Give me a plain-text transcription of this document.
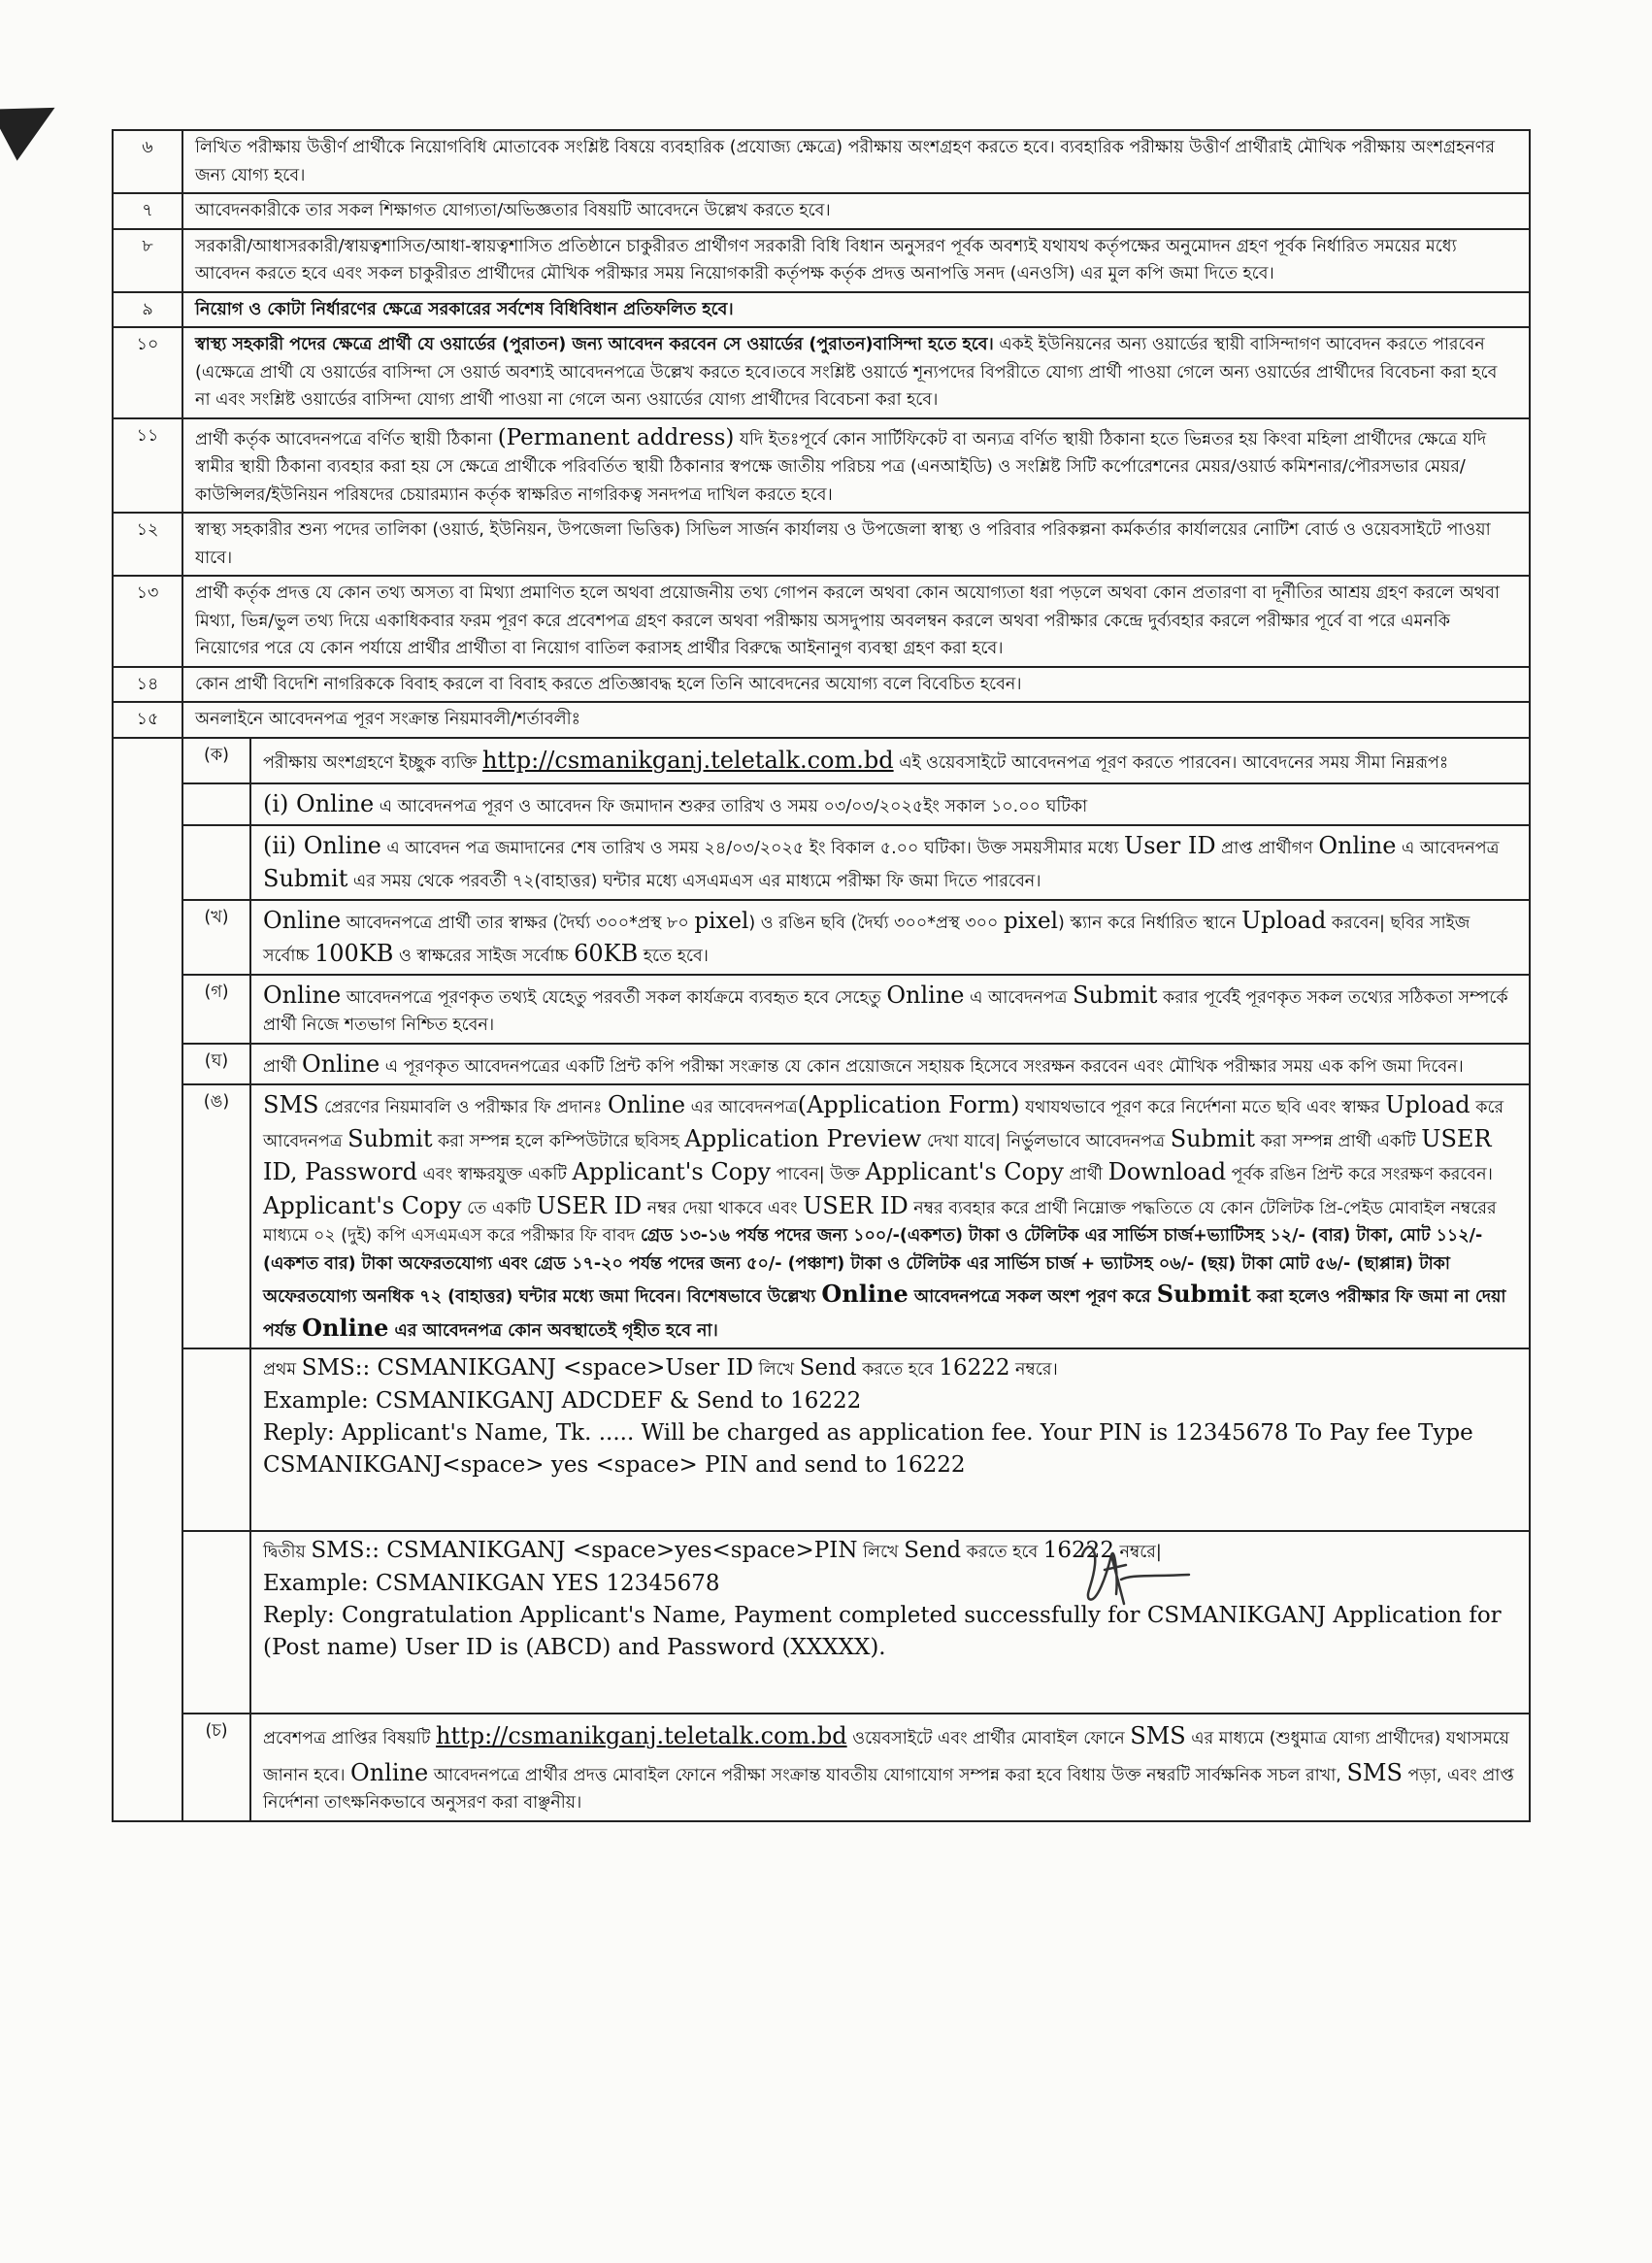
৬	লিখিত পরীক্ষায় উত্তীর্ণ প্রার্থীকে নিয়োগবিধি মোতাবেক সংশ্লিষ্ট বিষয়ে ব্যবহারিক (প্রযোজ্য ক্ষেত্রে) পরীক্ষায় অংশগ্রহণ করতে হবে। ব্যবহারিক পরীক্ষায় উত্তীর্ণ প্রার্থীরাই মৌখিক পরীক্ষায় অংশগ্রহনণর জন্য যোগ্য হবে।	
৭	আবেদনকারীকে তার সকল শিক্ষাগত যোগ্যতা/অভিজ্ঞতার বিষয়টি আবেদনে উল্লেখ করতে হবে।	
৮	সরকারী/আধাসরকারী/স্বায়ত্বশাসিত/আধা-স্বায়ত্বশাসিত প্রতিষ্ঠানে চাকুরীরত প্রার্থীগণ সরকারী বিধি বিধান অনুসরণ পূর্বক অবশ্যই যথাযথ কর্তৃপক্ষের অনুমোদন গ্রহণ পূর্বক নির্ধারিত সময়ের মধ্যে আবেদন করতে হবে এবং সকল চাকুরীরত প্রার্থীদের মৌখিক পরীক্ষার সময় নিয়োগকারী কর্তৃপক্ষ কর্তৃক প্রদত্ত অনাপত্তি সনদ (এনওসি) এর মুল কপি জমা দিতে হবে।	
৯	নিয়োগ ও কোটা নির্ধারণের ক্ষেত্রে সরকারের সর্বশেষ বিধিবিধান প্রতিফলিত হবে।	
১০	স্বাস্থ্য সহকারী পদের ক্ষেত্রে প্রার্থী যে ওয়ার্ডের (পুরাতন) জন্য আবেদন করবেন সে ওয়ার্ডের (পুরাতন)বাসিন্দা হতে হবে। একই ইউনিয়নের অন্য ওয়ার্ডের স্থায়ী বাসিন্দাগণ আবেদন করতে পারবেন (এক্ষেত্রে প্রার্থী যে ওয়ার্ডের বাসিন্দা সে ওয়ার্ড অবশ্যই আবেদনপত্রে উল্লেখ করতে হবে।তবে সংশ্লিষ্ট ওয়ার্ডে শূন্যপদের বিপরীতে যোগ্য প্রার্থী পাওয়া গেলে অন্য ওয়ার্ডের প্রার্থীদের বিবেচনা করা হবে না এবং সংশ্লিষ্ট ওয়ার্ডের বাসিন্দা যোগ্য প্রার্থী পাওয়া না গেলে অন্য ওয়ার্ডের যোগ্য প্রার্থীদের বিবেচনা করা হবে।	
১১	প্রার্থী কর্তৃক আবেদনপত্রে বর্ণিত স্থায়ী ঠিকানা (Permanent address) যদি ইতঃপূর্বে কোন সার্টিফিকেট বা অন্যত্র বর্ণিত স্থায়ী ঠিকানা হতে ভিন্নতর হয় কিংবা মহিলা প্রার্থীদের ক্ষেত্রে যদি স্বামীর স্থায়ী ঠিকানা ব্যবহার করা হয় সে ক্ষেত্রে প্রার্থীকে পরিবর্তিত স্থায়ী ঠিকানার স্বপক্ষে জাতীয় পরিচয় পত্র (এনআইডি) ও সংশ্লিষ্ট সিটি কর্পোরেশনের মেয়র/ওয়ার্ড কমিশনার/পৌরসভার মেয়র/কাউন্সিলর/ইউনিয়ন পরিষদের চেয়ারম্যান কর্তৃক স্বাক্ষরিত নাগরিকত্ব সনদপত্র দাখিল করতে হবে।	
১২	স্বাস্থ্য সহকারীর শুন্য পদের তালিকা (ওয়ার্ড, ইউনিয়ন, উপজেলা ভিত্তিক) সিভিল সার্জন কার্যালয় ও উপজেলা স্বাস্থ্য ও পরিবার পরিকল্পনা কর্মকর্তার কার্যালয়ের নোটিশ বোর্ড ও ওয়েবসাইটে পাওয়া যাবে।	
১৩	প্রার্থী কর্তৃক প্রদত্ত যে কোন তথ্য অসত্য বা মিথ্যা প্রমাণিত হলে অথবা প্রয়োজনীয় তথ্য গোপন করলে অথবা কোন অযোগ্যতা ধরা পড়লে অথবা কোন প্রতারণা বা দূর্নীতির আশ্রয় গ্রহণ করলে অথবা মিথ্যা, ভিন্ন/ভুল তথ্য দিয়ে একাধিকবার ফরম পূরণ করে প্রবেশপত্র গ্রহণ করলে অথবা পরীক্ষায় অসদুপায় অবলম্বন করলে অথবা পরীক্ষার কেন্দ্রে দুর্ব্যবহার করলে পরীক্ষার পূর্বে বা পরে এমনকি নিয়োগের পরে যে কোন পর্যায়ে প্রার্থীর প্রার্থীতা বা নিয়োগ বাতিল করাসহ প্রার্থীর বিরুদ্ধে আইনানুগ ব্যবস্থা গ্রহণ করা হবে।	
১৪	কোন প্রার্থী বিদেশি নাগরিককে বিবাহ করলে বা বিবাহ করতে প্রতিজ্ঞাবদ্ধ হলে তিনি আবেদনের অযোগ্য বলে বিবেচিত হবেন।	
১৫	অনলাইনে আবেদনপত্র পূরণ সংক্রান্ত নিয়মাবলী/শর্তাবলীঃ	
	(ক)	পরীক্ষায় অংশগ্রহণে ইচ্ছুক ব্যক্তি http://csmanikganj.teletalk.com.bd এই ওয়েবসাইটে আবেদনপত্র পূরণ করতে পারবেন। আবেদনের সময় সীমা নিম্নরূপঃ
		(i) Online এ আবেদনপত্র পূরণ ও আবেদন ফি জমাদান শুরুর তারিখ ও সময় ০৩/০৩/২০২৫ইং সকাল ১০.০০ ঘটিকা
		(ii) Online এ আবেদন পত্র জমাদানের শেষ তারিখ ও সময় ২৪/০৩/২০২৫ ইং বিকাল ৫.০০ ঘটিকা। উক্ত সময়সীমার মধ্যে User ID প্রাপ্ত প্রার্থীগণ Online এ আবেদনপত্র Submit এর সময় থেকে পরবর্তী ৭২(বাহাত্তর) ঘন্টার মধ্যে এসএমএস এর মাধ্যমে পরীক্ষা ফি জমা দিতে পারবেন।
	(খ)	Online আবেদনপত্রে প্রার্থী তার স্বাক্ষর (দৈর্ঘ্য ৩০০*প্রস্থ ৮০ pixel) ও রঙিন ছবি (দৈর্ঘ্য ৩০০*প্রস্থ ৩০০ pixel) স্ক্যান করে নির্ধারিত স্থানে Upload করবেন| ছবির সাইজ সর্বোচ্চ 100KB ও স্বাক্ষরের সাইজ সর্বোচ্চ 60KB হতে হবে।
	(গ)	Online আবেদনপত্রে পূরণকৃত তথ্যই যেহেতু পরবর্তী সকল কার্যক্রমে ব্যবহৃত হবে সেহেতু Online এ আবেদনপত্র Submit করার পূর্বেই পূরণকৃত সকল তথ্যের সঠিকতা সম্পর্কে প্রার্থী নিজে শতভাগ নিশ্চিত হবেন।
	(ঘ)	প্রার্থী Online এ পূরণকৃত আবেদনপত্রের একটি প্রিন্ট কপি পরীক্ষা সংক্রান্ত যে কোন প্রয়োজনে সহায়ক হিসেবে সংরক্ষন করবেন এবং মৌখিক পরীক্ষার সময় এক কপি জমা দিবেন।
	(ঙ)	SMS প্রেরণের নিয়মাবলি ও পরীক্ষার ফি প্রদানঃ Online এর আবেদনপত্র(Application Form) যথাযথভাবে পূরণ করে নির্দেশনা মতে ছবি এবং স্বাক্ষর Upload করে আবেদনপত্র Submit করা সম্পন্ন হলে কম্পিউটারে ছবিসহ Application Preview দেখা যাবে| নির্ভুলভাবে আবেদনপত্র Submit করা সম্পন্ন প্রার্থী একটি USER ID, Password এবং স্বাক্ষরযুক্ত একটি Applicant's Copy পাবেন| উক্ত Applicant's Copy প্রার্থী Download পূর্বক রঙিন প্রিন্ট করে সংরক্ষণ করবেন। Applicant's Copy তে একটি USER ID নম্বর দেয়া থাকবে এবং USER ID নম্বর ব্যবহার করে প্রার্থী নিম্নোক্ত পদ্ধতিতে যে কোন টেলিটক প্রি-পেইড মোবাইল নম্বরের মাধ্যমে ০২ (দুই) কপি এসএমএস করে পরীক্ষার ফি বাবদ গ্রেড ১৩-১৬ পর্যন্ত পদের জন্য ১০০/-(একশত) টাকা ও টেলিটক এর সার্ভিস চার্জ+ভ্যাটিসহ ১২/- (বার) টাকা, মোট ১১২/- (একশত বার) টাকা অফেরতযোগ্য এবং গ্রেড ১৭-২০ পর্যন্ত পদের জন্য ৫০/- (পঞ্চাশ) টাকা ও টেলিটক এর সার্ভিস চার্জ + ভ্যাটসহ ০৬/- (ছয়) টাকা মোট ৫৬/- (ছাপ্পান্ন) টাকা অফেরতযোগ্য অনধিক ৭২ (বাহাত্তর) ঘন্টার মধ্যে জমা দিবেন। বিশেষভাবে উল্লেখ্য Online আবেদনপত্রে সকল অংশ পূরণ করে Submit করা হলেও পরীক্ষার ফি জমা না দেয়া পর্যন্ত Online এর আবেদনপত্র কোন অবস্থাতেই গৃহীত হবে না।

		প্রথম SMS:: CSMANIKGANJ <space>User ID লিখে Send করতে হবে 16222 নম্বরে।
Example: CSMANIKGANJ ADCDEF & Send to 16222
Reply: Applicant's Name, Tk. ..... Will be charged as application fee. Your PIN is 12345678 To Pay fee Type CSMANIKGANJ<space> yes <space> PIN and send to 16222

		দ্বিতীয় SMS:: CSMANIKGANJ <space>yes<space>PIN লিখে Send করতে হবে 16222 নম্বরে|
Example: CSMANIKGAN YES 12345678
Reply: Congratulation Applicant's Name, Payment completed successfully for CSMANIKGANJ Application for (Post name) User ID is (ABCD) and Password (XXXXX).

	(চ)	প্রবেশপত্র প্রাপ্তির বিষয়টি http://csmanikganj.teletalk.com.bd ওয়েবসাইটে এবং প্রার্থীর মোবাইল ফোনে SMS এর মাধ্যমে (শুধুমাত্র যোগ্য প্রার্থীদের) যথাসময়ে জানান হবে। Online আবেদনপত্রে প্রার্থীর প্রদত্ত মোবাইল ফোনে পরীক্ষা সংক্রান্ত যাবতীয় যোগাযোগ সম্পন্ন করা হবে বিধায় উক্ত নম্বরটি সার্বক্ষনিক সচল রাখা, SMS পড়া, এবং প্রাপ্ত নির্দেশনা তাৎক্ষনিকভাবে অনুসরণ করা বাঞ্ছনীয়।
